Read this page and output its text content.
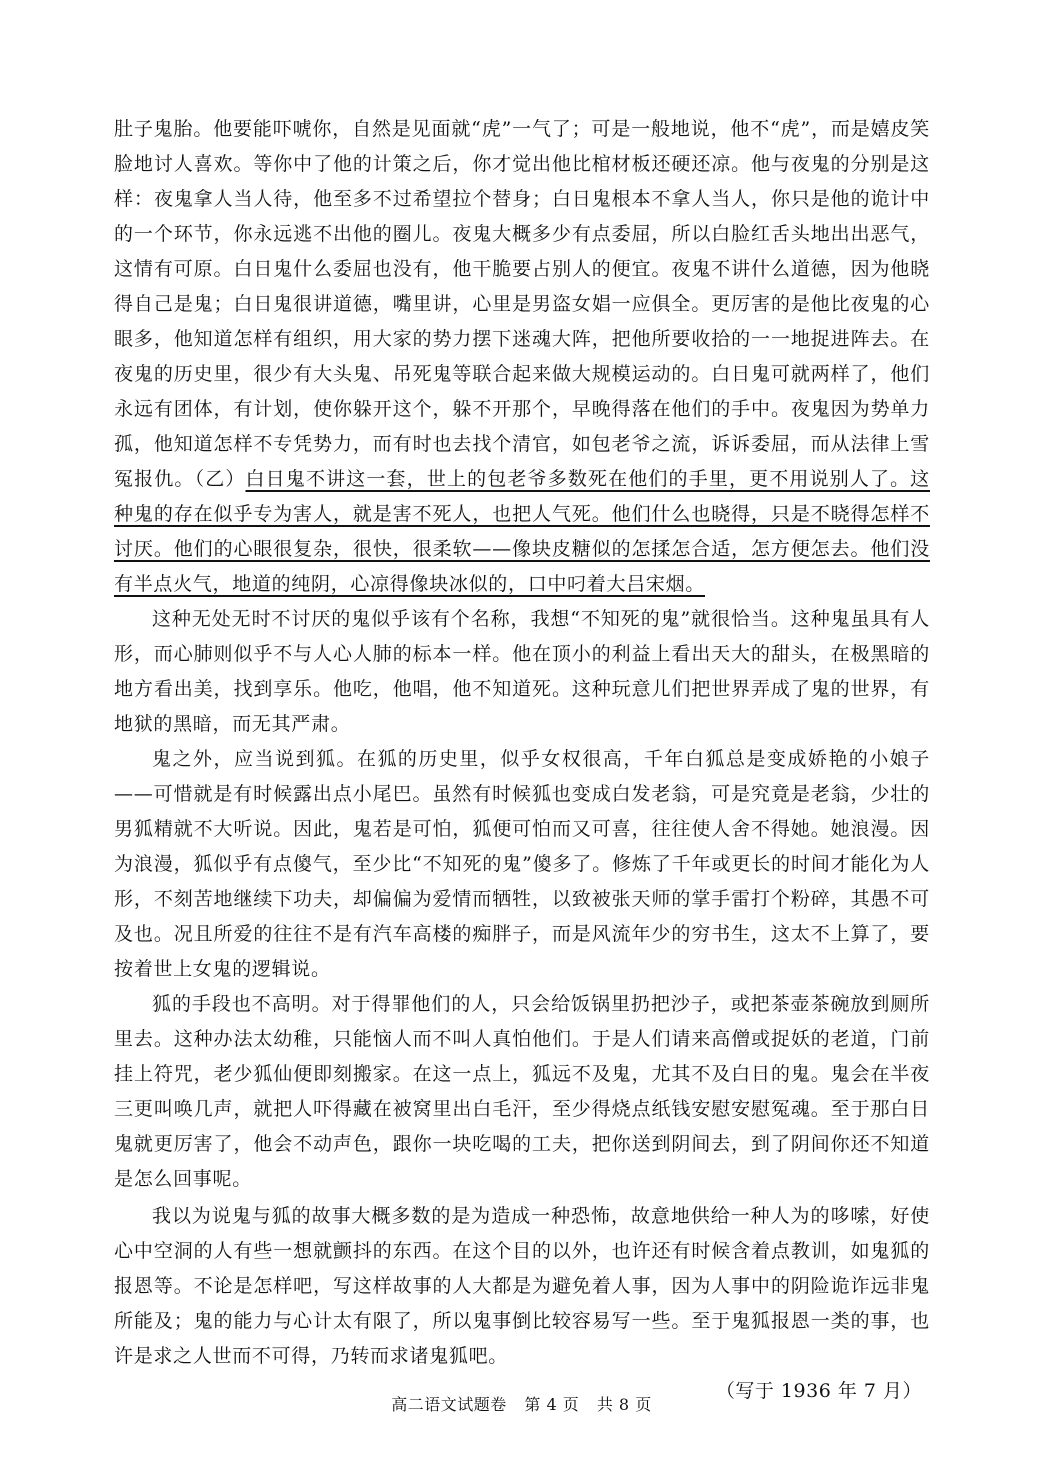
肚子鬼胎。他要能吓唬你，自然是见面就“虎”一气了；可是一般地说，他不“虎”，而是嬉皮笑脸地讨人喜欢。等你中了他的计策之后，你才觉出他比棺材板还硬还凉。他与夜鬼的分别是这样：夜鬼拿人当人待，他至多不过希望拉个替身；白日鬼根本不拿人当人，你只是他的诡计中的一个环节，你永远逃不出他的圈儿。夜鬼大概多少有点委屈，所以白脸红舌头地出出恶气，这情有可原。白日鬼什么委屈也没有，他干脆要占别人的便宜。夜鬼不讲什么道德，因为他晓得自己是鬼；白日鬼很讲道德，嘴里讲，心里是男盗女娼一应俱全。更厉害的是他比夜鬼的心眼多，他知道怎样有组织，用大家的势力摆下迷魂大阵，把他所要收拾的一一地捉进阵去。在夜鬼的历史里，很少有大头鬼、吊死鬼等联合起来做大规模运动的。白日鬼可就两样了，他们永远有团体，有计划，使你躲开这个，躲不开那个，早晚得落在他们的手中。夜鬼因为势单力孤，他知道怎样不专凭势力，而有时也去找个清官，如包老爷之流，诉诉委屈，而从法律上雪冤报仇。（乙）白日鬼不讲这一套，世上的包老爷多数死在他们的手里，更不用说别人了。这种鬼的存在似乎专为害人，就是害不死人，也把人气死。他们什么也晓得，只是不晓得怎样不讨厌。他们的心眼很复杂，很快，很柔软——像块皮糖似的怎揉怎合适，怎方便怎去。他们没有半点火气，地道的纯阴，心凉得像块冰似的，口中叼着大吕宋烟。

这种无处无时不讨厌的鬼似乎该有个名称，我想“不知死的鬼”就很恰当。这种鬼虽具有人形，而心肺则似乎不与人心人肺的标本一样。他在顶小的利益上看出天大的甜头，在极黑暗的地方看出美，找到享乐。他吃，他唱，他不知道死。这种玩意儿们把世界弄成了鬼的世界，有地狱的黑暗，而无其严肃。

鬼之外，应当说到狐。在狐的历史里，似乎女权很高，千年白狐总是变成娇艳的小娘子——可惜就是有时候露出点小尾巴。虽然有时候狐也变成白发老翁，可是究竟是老翁，少壮的男狐精就不大听说。因此，鬼若是可怕，狐便可怕而又可喜，往往使人舍不得她。她浪漫。因为浪漫，狐似乎有点傻气，至少比“不知死的鬼”傻多了。修炼了千年或更长的时间才能化为人形，不刻苦地继续下功夫，却偏偏为爱情而牺牲，以致被张天师的掌手雷打个粉碎，其愚不可及也。况且所爱的往往不是有汽车高楼的痴胖子，而是风流年少的穷书生，这太不上算了，要按着世上女鬼的逻辑说。

狐的手段也不高明。对于得罪他们的人，只会给饭锅里扔把沙子，或把茶壶茶碗放到厕所里去。这种办法太幼稚，只能恼人而不叫人真怕他们。于是人们请来高僧或捉妖的老道，门前挂上符咒，老少狐仙便即刻搬家。在这一点上，狐远不及鬼，尤其不及白日的鬼。鬼会在半夜三更叫唤几声，就把人吓得藏在被窝里出白毛汗，至少得烧点纸钱安慰安慰冤魂。至于那白日鬼就更厉害了，他会不动声色，跟你一块吃喝的工夫，把你送到阴间去，到了阴间你还不知道是怎么回事呢。

我以为说鬼与狐的故事大概多数的是为造成一种恐怖，故意地供给一种人为的哆嗦，好使心中空洞的人有些一想就颤抖的东西。在这个目的以外，也许还有时候含着点教训，如鬼狐的报恩等。不论是怎样吧，写这样故事的人大都是为避免着人事，因为人事中的阴险诡诈远非鬼所能及；鬼的能力与心计太有限了，所以鬼事倒比较容易写一些。至于鬼狐报恩一类的事，也许是求之人世而不可得，乃转而求诸鬼狐吧。

（写于 1936 年 7 月）
高二语文试题卷 第 4 页 共 8 页
